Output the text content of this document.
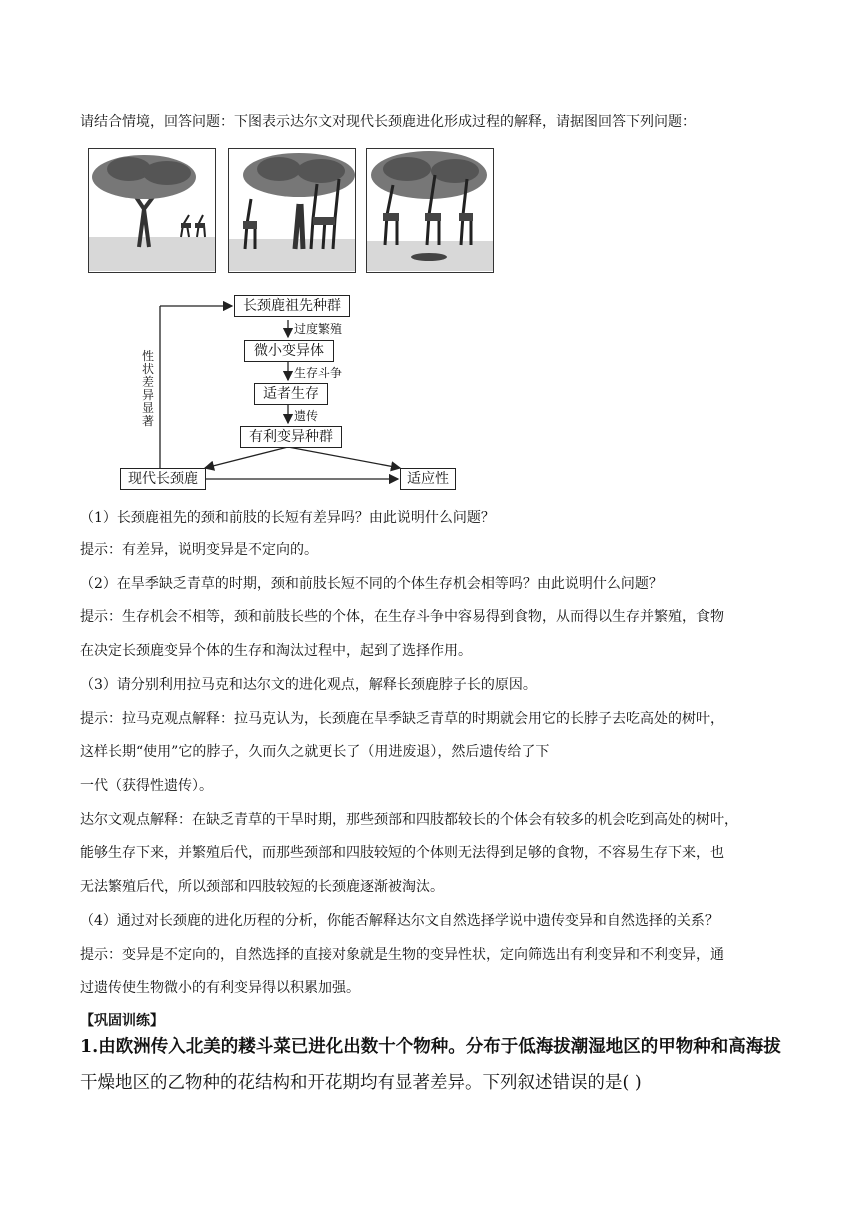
请结合情境，回答问题：下图表示达尔文对现代长颈鹿进化形成过程的解释，请据图回答下列问题：
长颈鹿祖先种群
过度繁殖
微小变异体
生存斗争
适者生存
遗传
有利变异种群
现代长颈鹿	适应性
性状差异显著
（1）长颈鹿祖先的颈和前肢的长短有差异吗？由此说明什么问题？
提示：有差异，说明变异是不定向的。
（2）在旱季缺乏青草的时期，颈和前肢长短不同的个体生存机会相等吗？由此说明什么问题？
提示：生存机会不相等，颈和前肢长些的个体，在生存斗争中容易得到食物，从而得以生存并繁殖，食物
在决定长颈鹿变异个体的生存和淘汰过程中，起到了选择作用。
（3）请分别利用拉马克和达尔文的进化观点，解释长颈鹿脖子长的原因。
提示：拉马克观点解释：拉马克认为，长颈鹿在旱季缺乏青草的时期就会用它的长脖子去吃高处的树叶，
这样长期“使用”它的脖子，久而久之就更长了（用进废退），然后遗传给了下
一代（获得性遗传）。
达尔文观点解释：在缺乏青草的干旱时期，那些颈部和四肢都较长的个体会有较多的机会吃到高处的树叶，
能够生存下来，并繁殖后代，而那些颈部和四肢较短的个体则无法得到足够的食物，不容易生存下来，也
无法繁殖后代，所以颈部和四肢较短的长颈鹿逐渐被淘汰。
（4）通过对长颈鹿的进化历程的分析，你能否解释达尔文自然选择学说中遗传变异和自然选择的关系？
提示：变异是不定向的，自然选择的直接对象就是生物的变异性状，定向筛选出有利变异和不利变异，通
过遗传使生物微小的有利变异得以积累加强。
【巩固训练】
1.由欧洲传入北美的耧斗菜已进化出数十个物种。分布于低海拔潮湿地区的甲物种和高海拔
干燥地区的乙物种的花结构和开花期均有显著差异。下列叙述错误的是( )
